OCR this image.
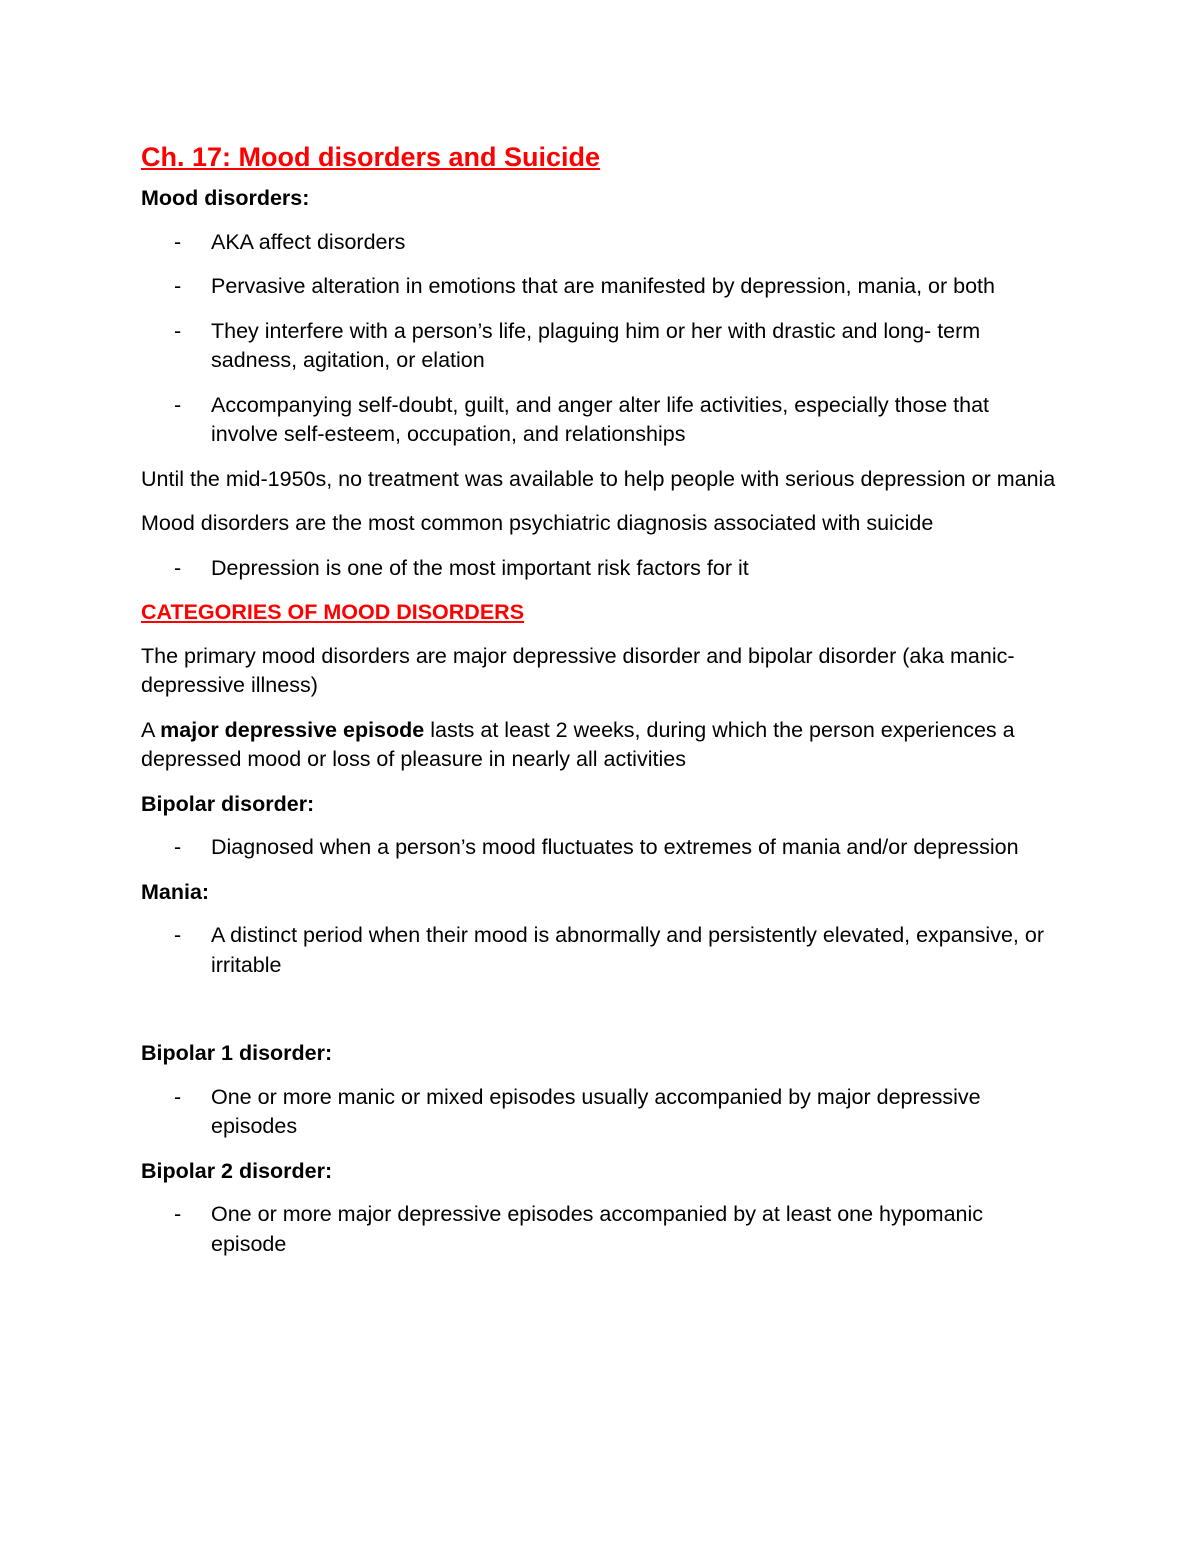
Ch. 17: Mood disorders and Suicide
Mood disorders:
- AKA affect disorders
- Pervasive alteration in emotions that are manifested by depression, mania, or both
- They interfere with a person’s life, plaguing him or her with drastic and long- term sadness, agitation, or elation
- Accompanying self-doubt, guilt, and anger alter life activities, especially those that involve self-esteem, occupation, and relationships
Until the mid-1950s, no treatment was available to help people with serious depression or mania
Mood disorders are the most common psychiatric diagnosis associated with suicide
- Depression is one of the most important risk factors for it
CATEGORIES OF MOOD DISORDERS
The primary mood disorders are major depressive disorder and bipolar disorder (aka manic-depressive illness)
A major depressive episode lasts at least 2 weeks, during which the person experiences a depressed mood or loss of pleasure in nearly all activities
Bipolar disorder:
- Diagnosed when a person’s mood fluctuates to extremes of mania and/or depression
Mania:
- A distinct period when their mood is abnormally and persistently elevated, expansive, or irritable
Bipolar 1 disorder:
- One or more manic or mixed episodes usually accompanied by major depressive episodes
Bipolar 2 disorder:
- One or more major depressive episodes accompanied by at least one hypomanic episode
